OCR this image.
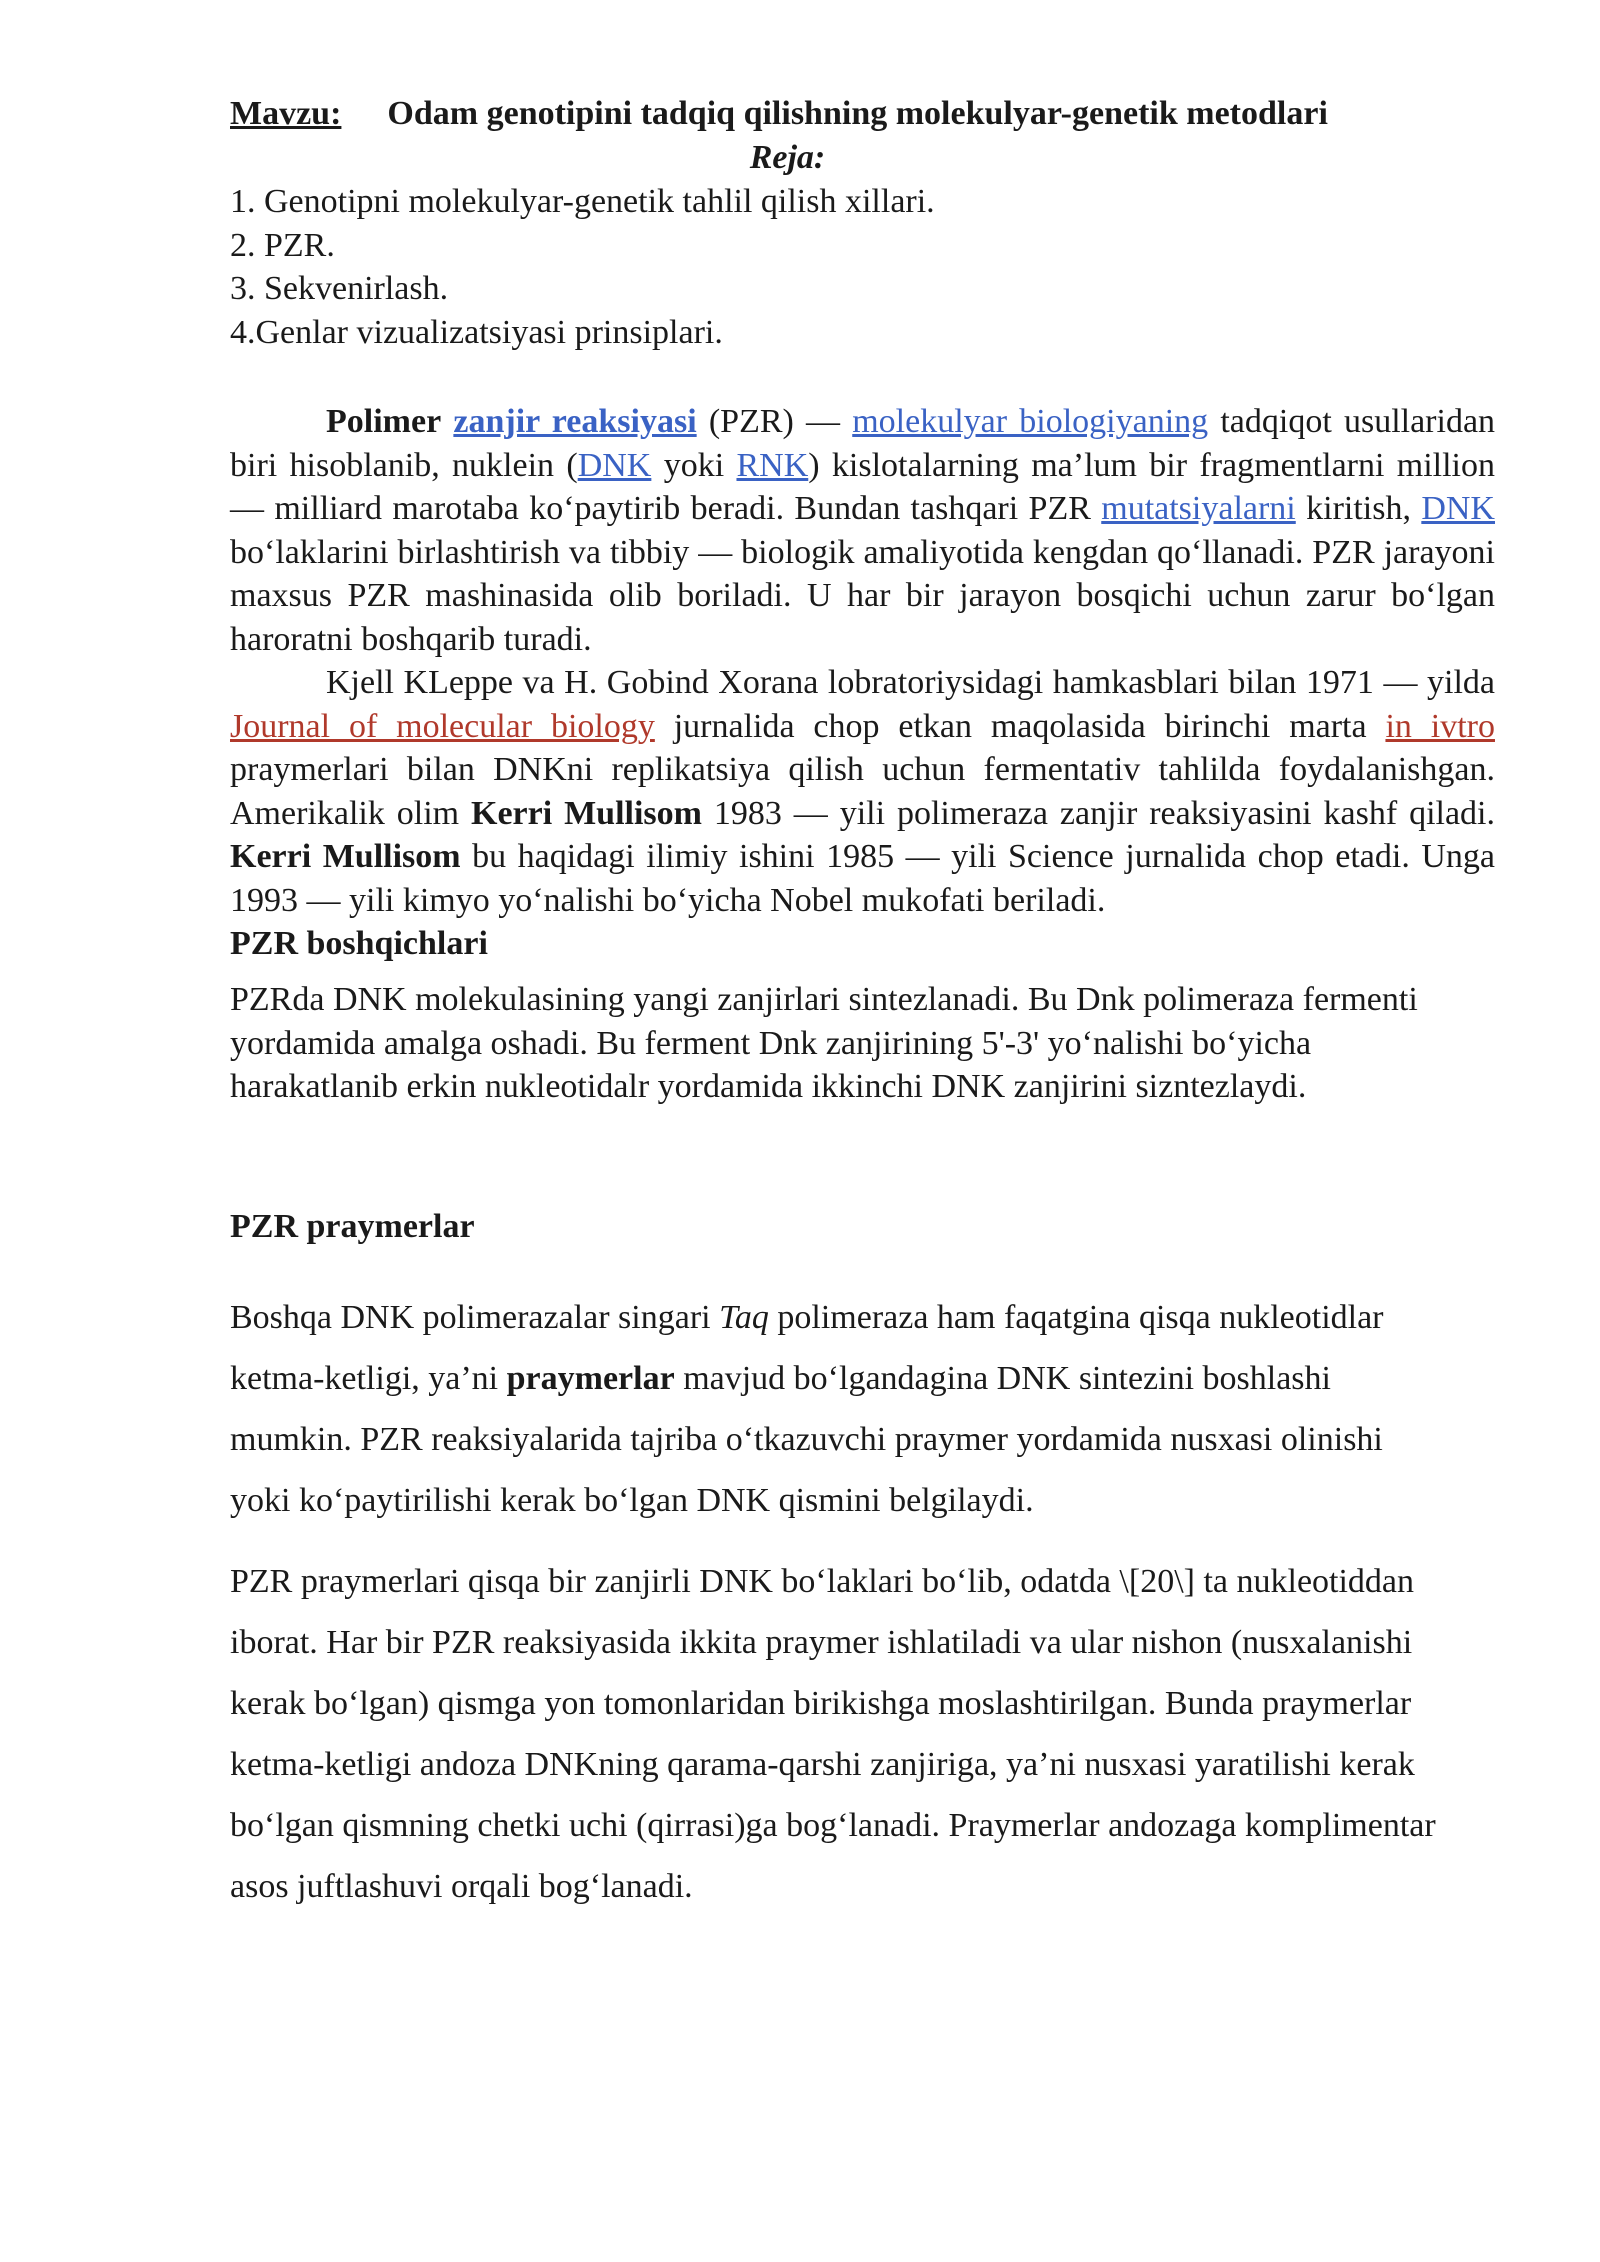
Mavzu: Odam genotipini tadqiq qilishning molekulyar-genetik metodlari

Reja:

1. Genotipni molekulyar-genetik tahlil qilish xillari.
2. PZR.
3. Sekvenirlash.
4.Genlar vizualizatsiyasi prinsiplari.

Polimer zanjir reaksiyasi (PZR) — molekulyar biologiyaning tadqiqot usullaridan biri hisoblanib, nuklein (DNK yoki RNK) kislotalarning ma’lum bir fragmentlarni million — milliard marotaba koʻpaytirib beradi. Bundan tashqari PZR mutatsiyalarni kiritish, DNK boʻlaklarini birlashtirish va tibbiy — biologik amaliyotida kengdan qoʻllanadi. PZR jarayoni maxsus PZR mashinasida olib boriladi. U har bir jarayon bosqichi uchun zarur boʻlgan haroratni boshqarib turadi.

Kjell KLeppe va H. Gobind Xorana lobratoriysidagi hamkasblari bilan 1971 — yilda Journal of molecular biology jurnalida chop etkan maqolasida birinchi marta in ivtro praymerlari bilan DNKni replikatsiya qilish uchun fermentativ tahlilda foydalanishgan. Amerikalik olim Kerri Mullisom 1983 — yili polimeraza zanjir reaksiyasini kashf qiladi. Kerri Mullisom bu haqidagi ilimiy ishini 1985 — yili Science jurnalida chop etadi. Unga 1993 — yili kimyo yoʻnalishi boʻyicha Nobel mukofati beriladi.

PZR boshqichlari

PZRda DNK molekulasining yangi zanjirlari sintezlanadi. Bu Dnk polimeraza fermenti yordamida amalga oshadi. Bu ferment Dnk zanjirining 5'-3' yoʻnalishi boʻyicha harakatlanib erkin nukleotidalr yordamida ikkinchi DNK zanjirini sizntezlaydi.

PZR praymerlar

Boshqa DNK polimerazalar singari Taq polimeraza ham faqatgina qisqa nukleotidlar ketma-ketligi, ya’ni praymerlar mavjud boʻlgandagina DNK sintezini boshlashi mumkin. PZR reaksiyalarida tajriba oʻtkazuvchi praymer yordamida nusxasi olinishi yoki koʻpaytirilishi kerak boʻlgan DNK qismini belgilaydi.

PZR praymerlari qisqa bir zanjirli DNK boʻlaklari boʻlib, odatda \[20\] ta nukleotiddan iborat. Har bir PZR reaksiyasida ikkita praymer ishlatiladi va ular nishon (nusxalanishi kerak boʻlgan) qismga yon tomonlaridan birikishga moslashtirilgan. Bunda praymerlar ketma-ketligi andoza DNKning qarama-qarshi zanjiriga, ya’ni nusxasi yaratilishi kerak boʻlgan qismning chetki uchi (qirrasi)ga bogʻlanadi. Praymerlar andozaga komplimentar asos juftlashuvi orqali bogʻlanadi.
